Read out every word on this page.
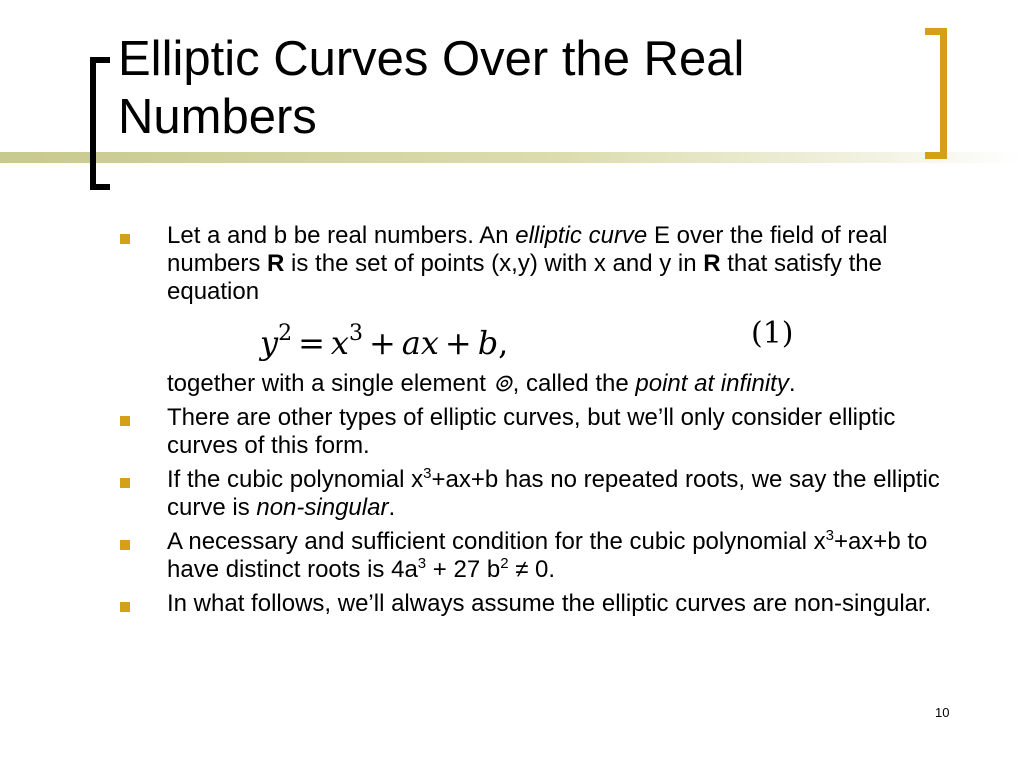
Elliptic Curves Over the Real Numbers
Let a and b be real numbers. An elliptic curve E over the field of real numbers R is the set of points (x,y) with x and y in R that satisfy the equation
$y^2 = x^3$ + ax + b,	(1)
together with a single element ⊚, called the point at infinity.
There are other types of elliptic curves, but we’ll only consider elliptic curves of this form.
If the cubic polynomial $x^3+ax+b$ has no repeated roots, we say the elliptic curve is non-singular.
A necessary and sufficient condition for the cubic polynomial $x^3+ax+b$ to have distinct roots is $4a^3 + 27$ $b^2 \ne 0$.
In what follows, we’ll always assume the elliptic curves are non-singular.
10
